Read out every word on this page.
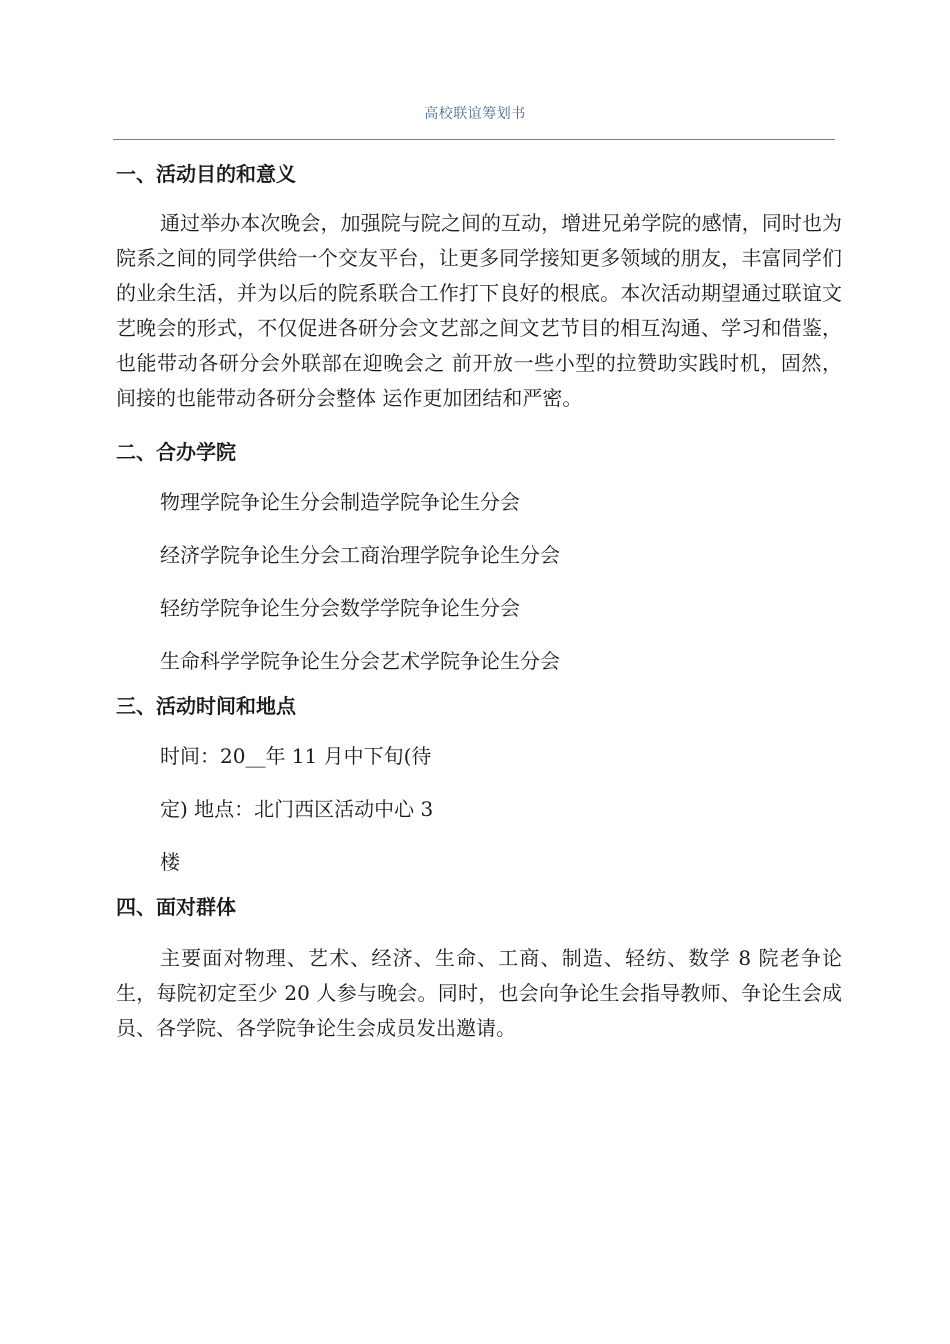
高校联谊筹划书
一、活动目的和意义

通过举办本次晚会，加强院与院之间的互动，增进兄弟学院的感情，同时也为院系之间的同学供给一个交友平台，让更多同学接知更多领域的朋友，丰富同学们的业余生活，并为以后的院系联合工作打下良好的根底。本次活动期望通过联谊文艺晚会的形式，不仅促进各研分会文艺部之间文艺节目的相互沟通、学习和借鉴，也能带动各研分会外联部在迎晚会之 前开放一些小型的拉赞助实践时机，固然，间接的也能带动各研分会整体 运作更加团结和严密。

二、合办学院

物理学院争论生分会制造学院争论生分会

经济学院争论生分会工商治理学院争论生分会

轻纺学院争论生分会数学学院争论生分会

生命科学学院争论生分会艺术学院争论生分会

三、活动时间和地点

时间：20__年 11 月中下旬(待

定) 地点：北门西区活动中心 3

楼

四、面对群体

主要面对物理、艺术、经济、生命、工商、制造、轻纺、数学 8 院老争论生，每院初定至少 20 人参与晚会。同时，也会向争论生会指导教师、争论生会成员、各学院、各学院争论生会成员发出邀请。
